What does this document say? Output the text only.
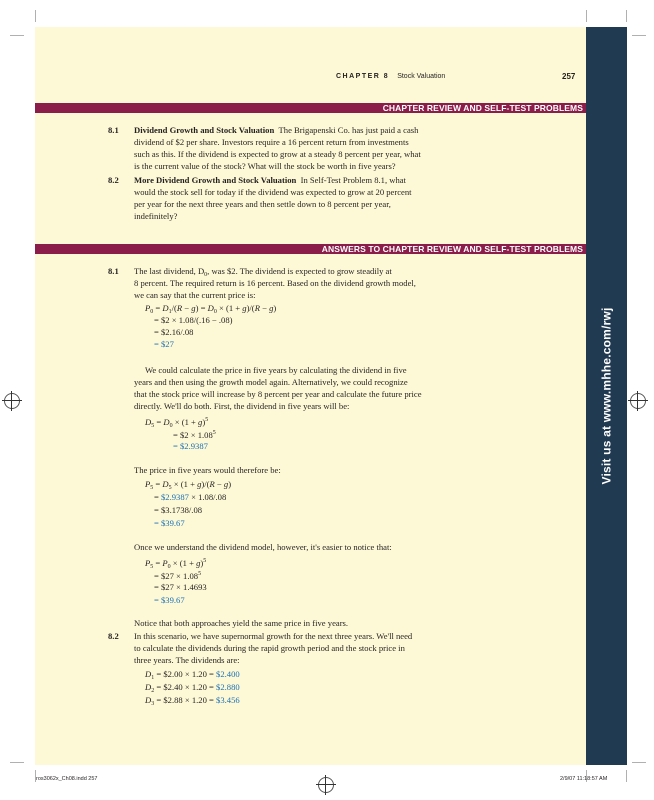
Visit us at www.mhhe.com/rwj
CHAPTER 8 Stock Valuation	257
CHAPTER REVIEW AND SELF-TEST PROBLEMS
8.1 Dividend Growth and Stock Valuation The Brigapenski Co. has just paid a cash
dividend of $2 per share. Investors require a 16 percent return from investments
such as this. If the dividend is expected to grow at a steady 8 percent per year, what
is the current value of the stock? What will the stock be worth in five years?
8.2 More Dividend Growth and Stock Valuation In Self-Test Problem 8.1, what
would the stock sell for today if the dividend was expected to grow at 20 percent
per year for the next three years and then settle down to 8 percent per year,
indefinitely?
ANSWERS TO CHAPTER REVIEW AND SELF-TEST PROBLEMS
8.1 The last dividend, $D_0$, was $2. The dividend is expected to grow steadily at
8 percent. The required return is 16 percent. Based on the dividend growth model,
we can say that the current price is:
$P_0 = D_1/(R - g) = D_0 \times (1 + g)/(R - g)$
= $2 × 1.08/(.16 − .08)
= $2.16/.08
= $27
We could calculate the price in five years by calculating the dividend in five
years and then using the growth model again. Alternatively, we could recognize
that the stock price will increase by 8 percent per year and calculate the future price
directly. We'll do both. First, the dividend in five years will be:
$D_5 = D_0 \times (1 + g)^5$
= $2 × $1.08^5$
= $2.9387
The price in five years would therefore be:
$P_5 = D_5 \times (1 + g)/(R - g)$
= $2.9387 × 1.08/.08
= $3.1738/.08
= $39.67
Once we understand the dividend model, however, it's easier to notice that:
$P_5 = P_0 \times (1 + g)^5$
= $27 × $1.08^5$
= $27 × 1.4693
= $39.67
Notice that both approaches yield the same price in five years.
8.2 In this scenario, we have supernormal growth for the next three years. We'll need
to calculate the dividends during the rapid growth period and the stock price in
three years. The dividends are:
$D_1$ = $2.00 × 1.20 = $2.400
$D_2$ = $2.40 × 1.20 = $2.880
$D_3$ = $2.88 × 1.20 = $3.456
ros3062x_Ch08.indd 257	2/9/07 11:18:57 AM
